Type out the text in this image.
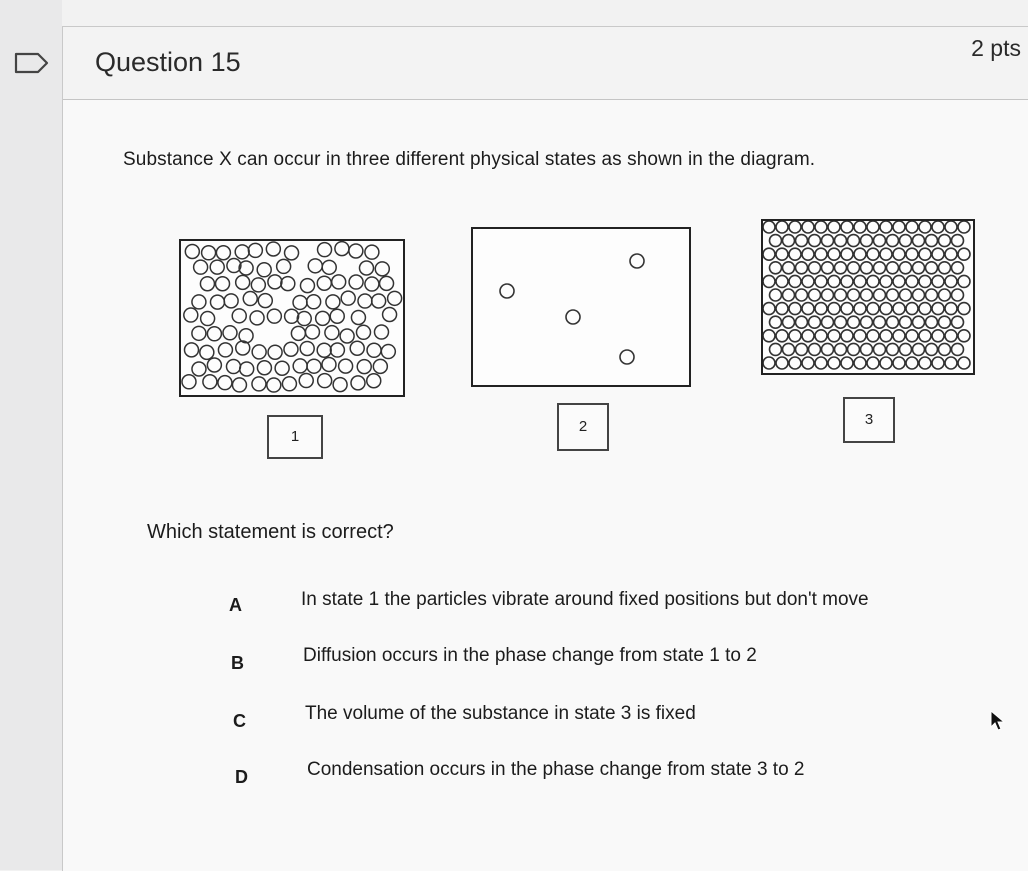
Question 15	2 pts
Substance X can occur in three different physical states as shown in the diagram.
1
2	3
Which statement is correct?
A	In state 1 the particles vibrate around fixed positions but don't move
B	Diffusion occurs in the phase change from state 1 to 2
C	The volume of the substance in state 3 is fixed
D	Condensation occurs in the phase change from state 3 to 2
